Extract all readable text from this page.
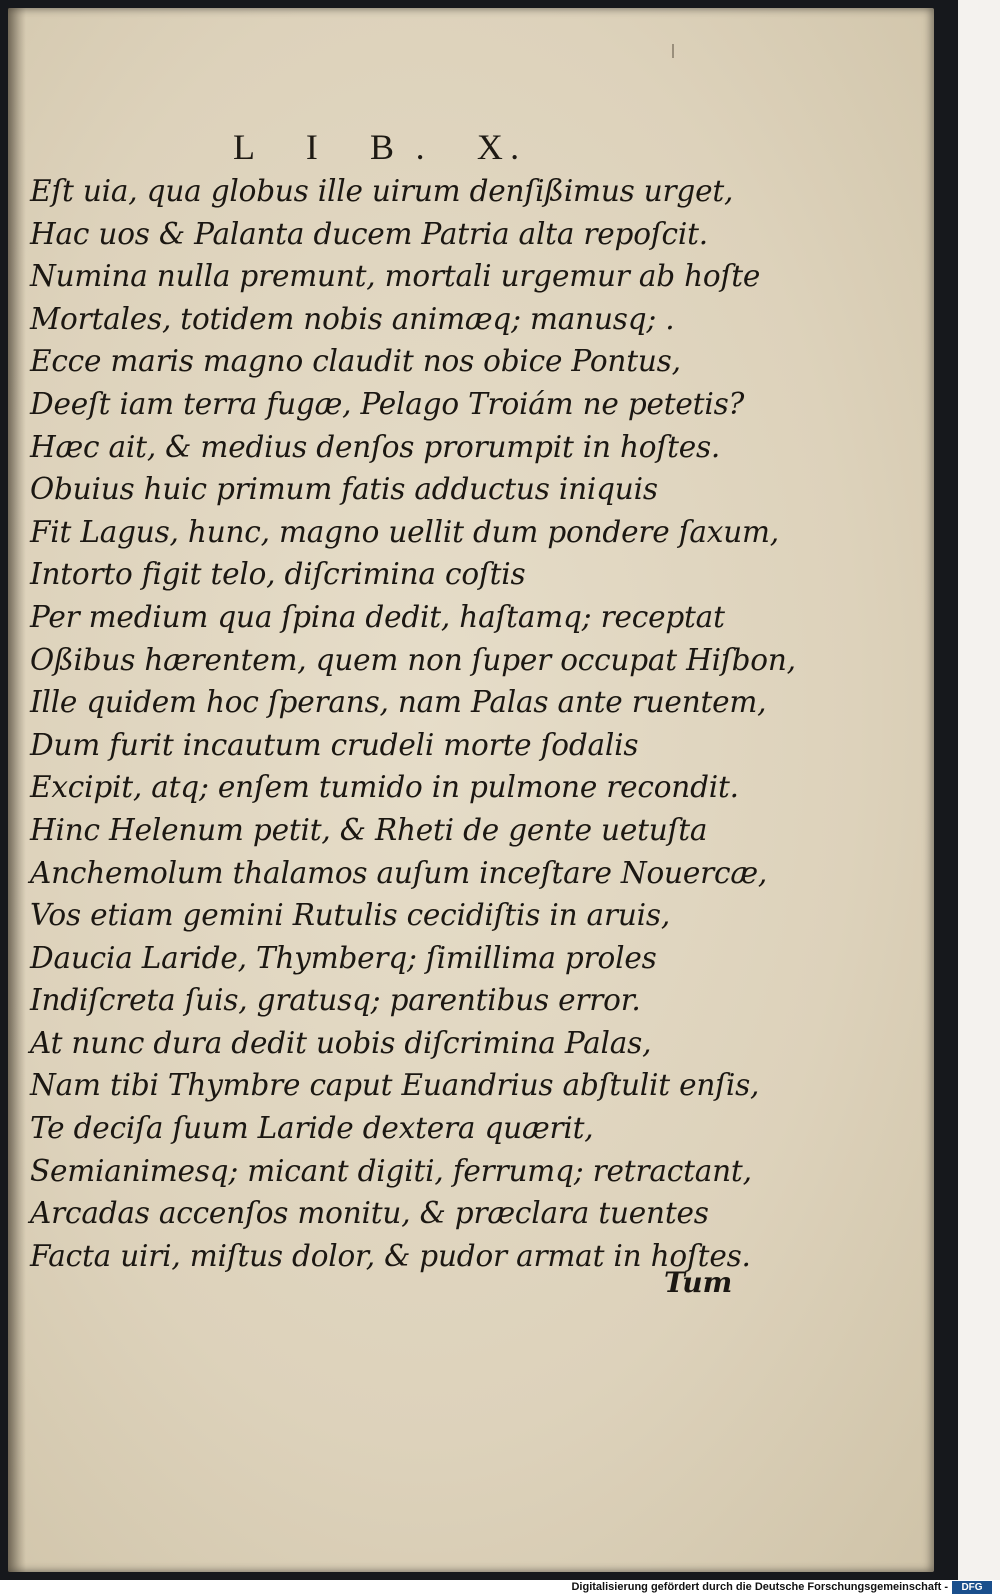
L I B. X.
Eſt uia, qua globus ille uirum denſißimus urget,
Hac uos & Palanta ducem Patria alta repoſcit.
Numina nulla premunt, mortali urgemur ab hoſte
Mortales, totidem nobis animæq; manusq; .
Ecce maris magno claudit nos obice Pontus,
Deeſt iam terra fugæ, Pelago Troiám ne petetis?
Hæc ait, & medius denſos prorumpit in hoſtes.
Obuius huic primum fatis adductus iniquis
Fit Lagus, hunc, magno uellit dum pondere ſaxum,
Intorto figit telo, diſcrimina coſtis
Per medium qua ſpina dedit, haſtamq; receptat
Oßibus hærentem, quem non ſuper occupat Hiſbon,
Ille quidem hoc ſperans, nam Palas ante ruentem,
Dum furit incautum crudeli morte ſodalis
Excipit, atq; enſem tumido in pulmone recondit.
Hinc Helenum petit, & Rheti de gente uetuſta
Anchemolum thalamos auſum inceſtare Nouercæ,
Vos etiam gemini Rutulis cecidiſtis in aruis,
Daucia Laride, Thymberq; ſimillima proles
Indiſcreta ſuis, gratusq; parentibus error.
At nunc dura dedit uobis diſcrimina Palas,
Nam tibi Thymbre caput Euandrius abſtulit enſis,
Te deciſa ſuum Laride dextera quærit,
Semianimesq; micant digiti, ferrumq; retractant,
Arcadas accenſos monitu, & præclara tuentes
Facta uiri, miſtus dolor, & pudor armat in hoſtes.
Tum
Digitalisierung gefördert durch die Deutsche Forschungsgemeinschaft -	DFG
